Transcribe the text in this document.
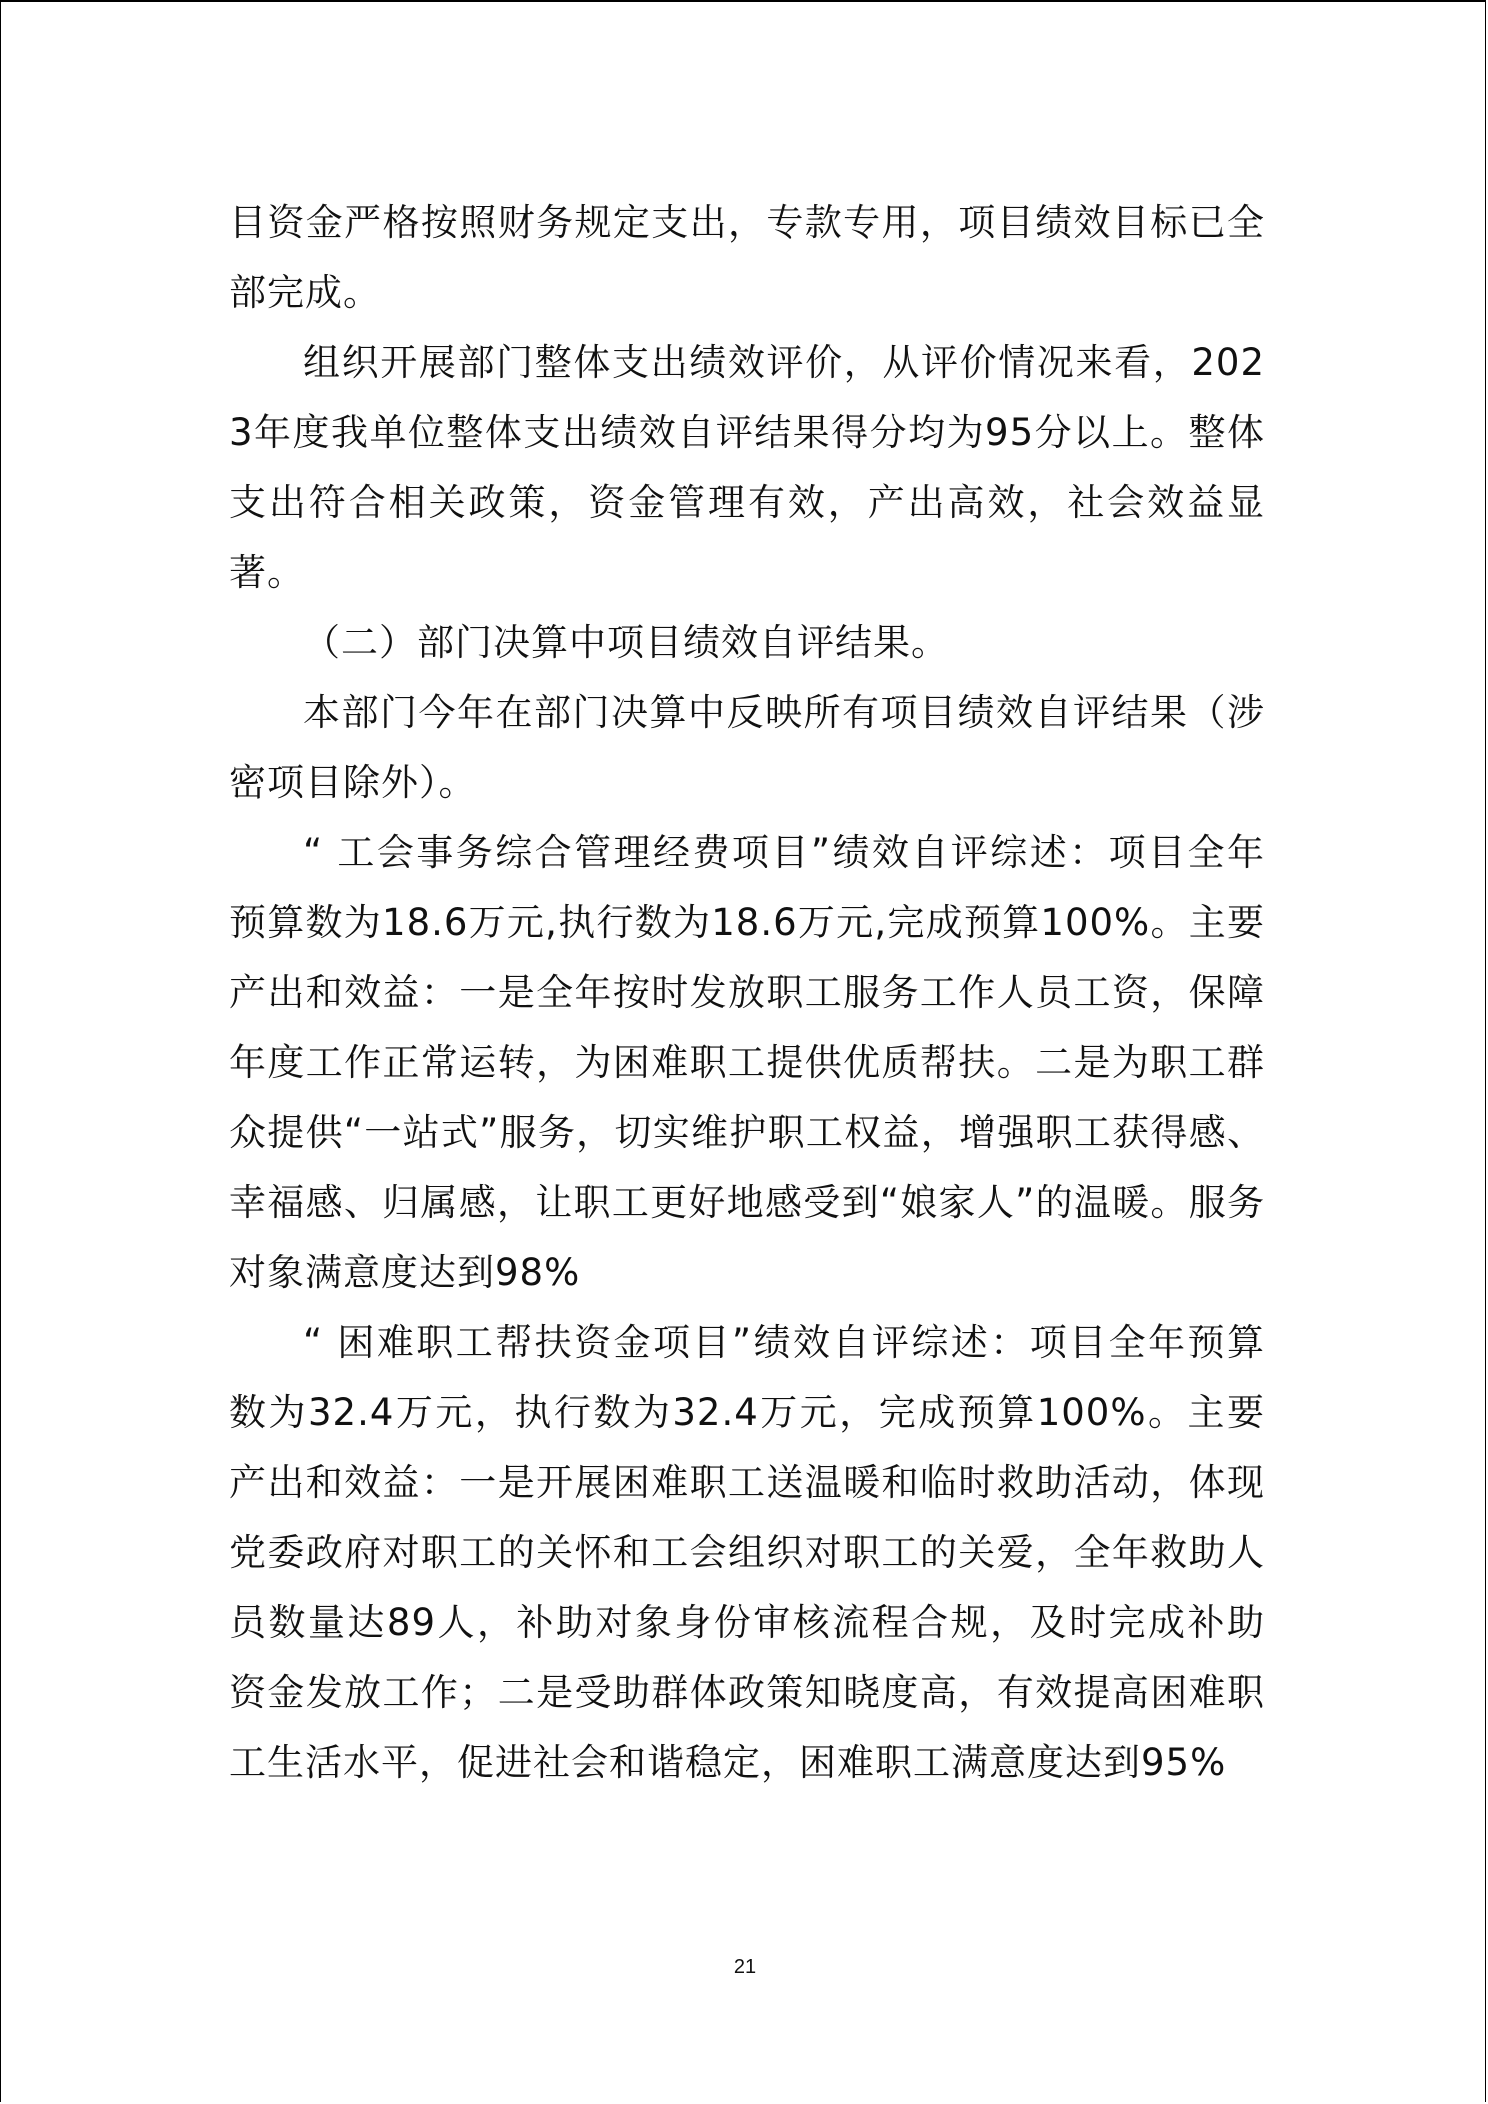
目资金严格按照财务规定支出，专款专用，项目绩效目标已全部完成。

组织开展部门整体支出绩效评价，从评价情况来看，2023年度我单位整体支出绩效自评结果得分均为95分以上。整体支出符合相关政策，资金管理有效，产出高效，社会效益显著。

（二）部门决算中项目绩效自评结果。

本部门今年在部门决算中反映所有项目绩效自评结果（涉密项目除外）。

“ 工会事务综合管理经费项目”绩效自评综述：项目全年预算数为18.6万元,执行数为18.6万元,完成预算100%。主要产出和效益：一是全年按时发放职工服务工作人员工资，保障年度工作正常运转，为困难职工提供优质帮扶。二是为职工群众提供“一站式”服务，切实维护职工权益，增强职工获得感、幸福感、归属感，让职工更好地感受到“娘家人”的温暖。服务对象满意度达到98%

“ 困难职工帮扶资金项目”绩效自评综述：项目全年预算数为32.4万元，执行数为32.4万元，完成预算100%。主要产出和效益：一是开展困难职工送温暖和临时救助活动，体现党委政府对职工的关怀和工会组织对职工的关爱，全年救助人员数量达89人，补助对象身份审核流程合规，及时完成补助资金发放工作；二是受助群体政策知晓度高，有效提高困难职工生活水平，促进社会和谐稳定，困难职工满意度达到95%

21
